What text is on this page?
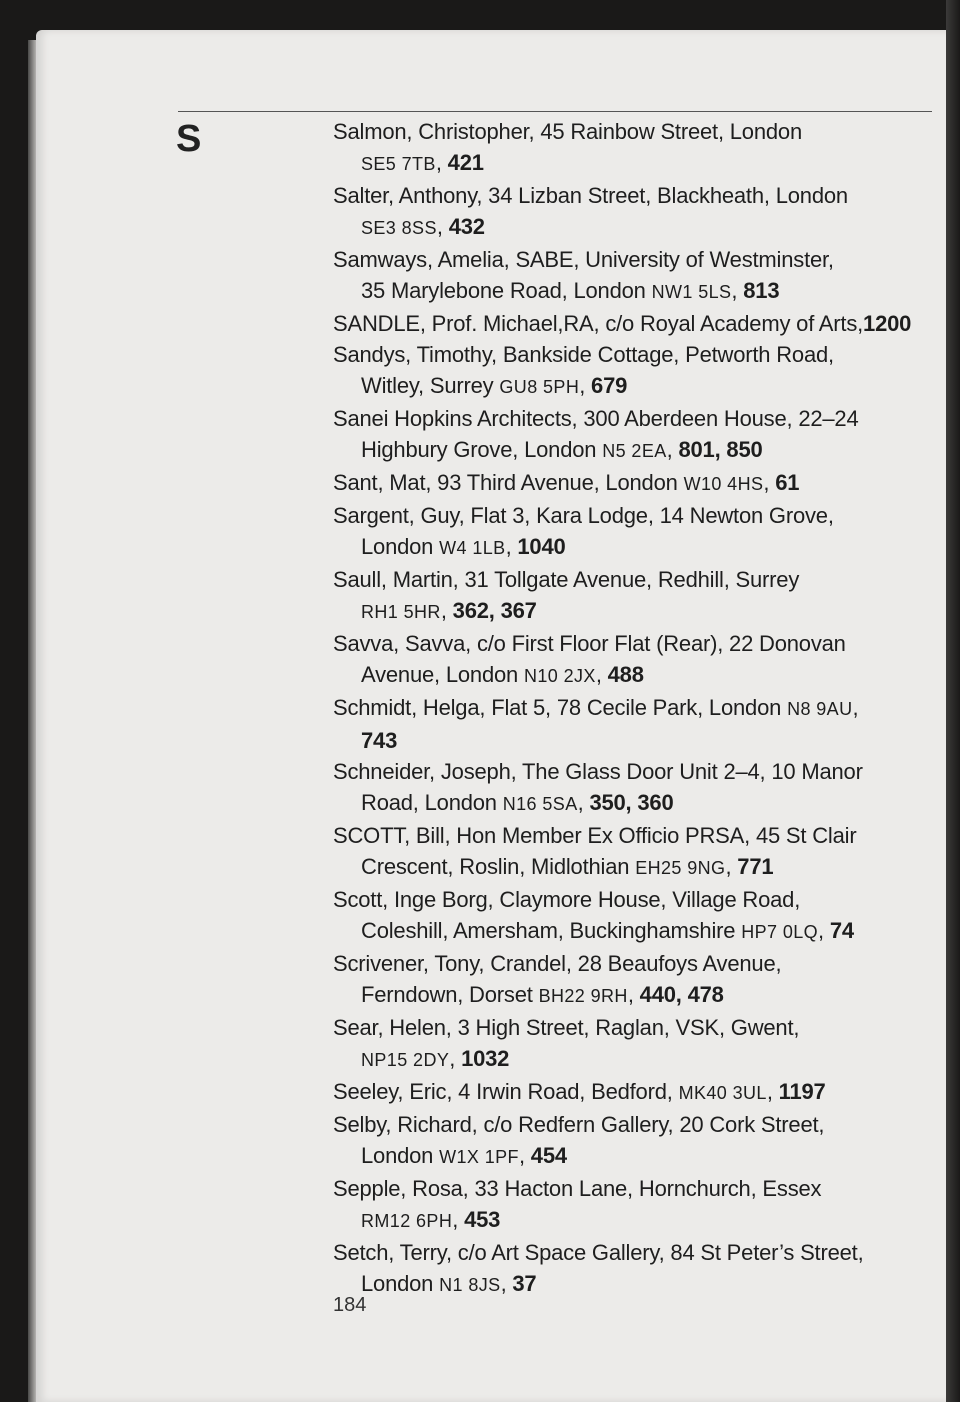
S	Salmon, Christopher, 45 Rainbow Street, London
SE5 7TB, 421
Salter, Anthony, 34 Lizban Street, Blackheath, London
SE3 8SS, 432
Samways, Amelia, SABE, University of Westminster,
35 Marylebone Road, London NW1 5LS, 813
SANDLE, Prof. Michael,RA, c/o Royal Academy of Arts,1200
Sandys, Timothy, Bankside Cottage, Petworth Road,
Witley, Surrey GU8 5PH, 679
Sanei Hopkins Architects, 300 Aberdeen House, 22–24
Highbury Grove, London N5 2EA, 801, 850
Sant, Mat, 93 Third Avenue, London W10 4HS, 61
Sargent, Guy, Flat 3, Kara Lodge, 14 Newton Grove,
London W4 1LB, 1040
Saull, Martin, 31 Tollgate Avenue, Redhill, Surrey
RH1 5HR, 362, 367
Savva, Savva, c/o First Floor Flat (Rear), 22 Donovan
Avenue, London N10 2JX, 488
Schmidt, Helga, Flat 5, 78 Cecile Park, London N8 9AU,
743
Schneider, Joseph, The Glass Door Unit 2–4, 10 Manor
Road, London N16 5SA, 350, 360
SCOTT, Bill, Hon Member Ex Officio PRSA, 45 St Clair
Crescent, Roslin, Midlothian EH25 9NG, 771
Scott, Inge Borg, Claymore House, Village Road,
Coleshill, Amersham, Buckinghamshire HP7 0LQ, 74
Scrivener, Tony, Crandel, 28 Beaufoys Avenue,
Ferndown, Dorset BH22 9RH, 440, 478
Sear, Helen, 3 High Street, Raglan, VSK, Gwent,
NP15 2DY, 1032
Seeley, Eric, 4 Irwin Road, Bedford, MK40 3UL, 1197
Selby, Richard, c/o Redfern Gallery, 20 Cork Street,
London W1X 1PF, 454
Sepple, Rosa, 33 Hacton Lane, Hornchurch, Essex
RM12 6PH, 453
Setch, Terry, c/o Art Space Gallery, 84 St Peter’s Street,
London N1 8JS, 37
184
